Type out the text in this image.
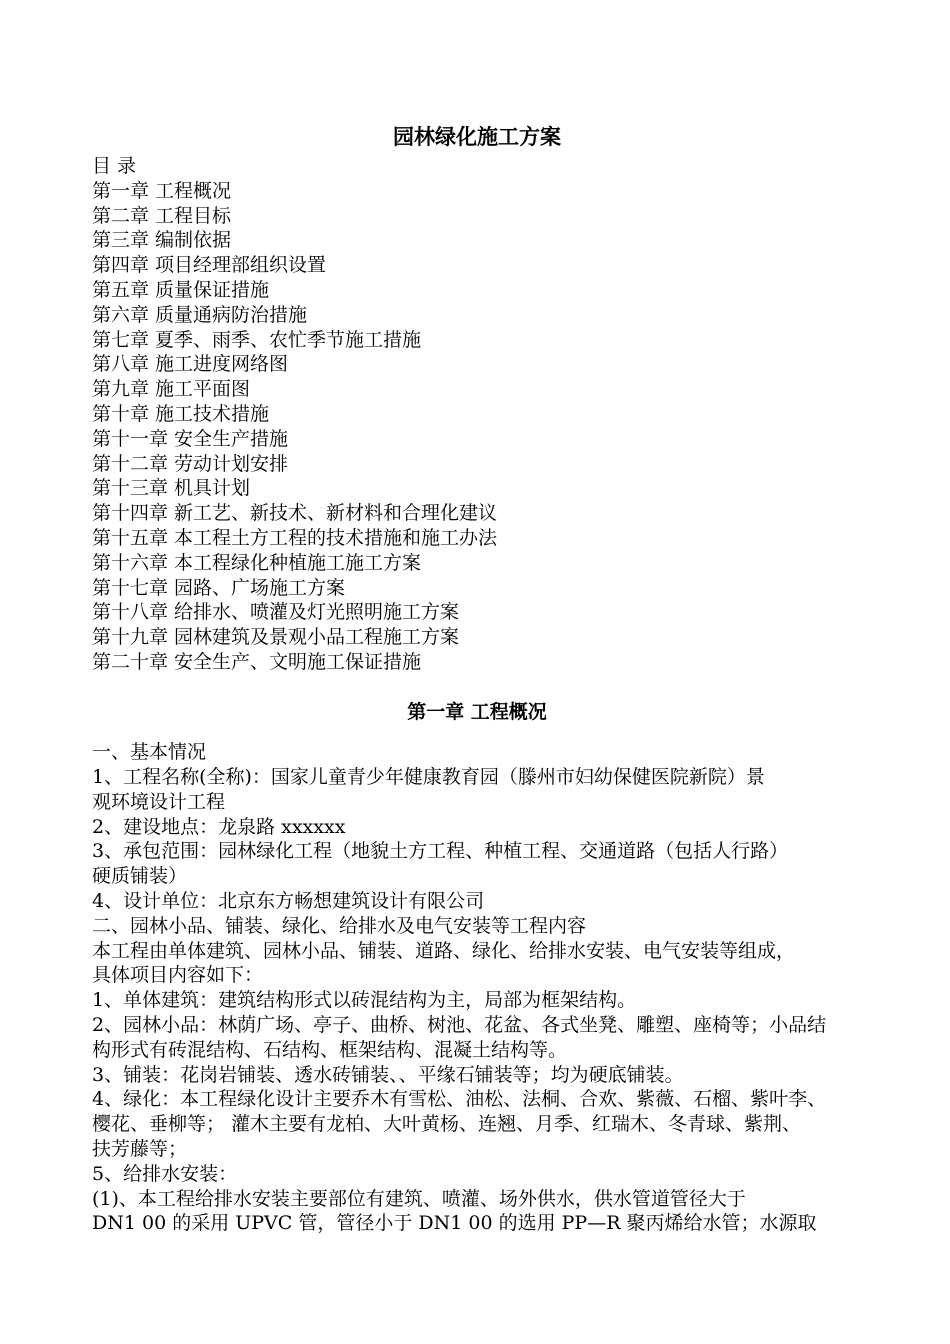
园林绿化施工方案
目 录
第一章 工程概况
第二章 工程目标
第三章 编制依据
第四章 项目经理部组织设置
第五章 质量保证措施
第六章 质量通病防治措施
第七章 夏季、雨季、农忙季节施工措施
第八章 施工进度网络图
第九章 施工平面图
第十章 施工技术措施
第十一章 安全生产措施
第十二章 劳动计划安排
第十三章 机具计划
第十四章 新工艺、新技术、新材料和合理化建议
第十五章 本工程土方工程的技术措施和施工办法
第十六章 本工程绿化种植施工施工方案
第十七章 园路、广场施工方案
第十八章 给排水、喷灌及灯光照明施工方案
第十九章 园林建筑及景观小品工程施工方案
第二十章 安全生产、文明施工保证措施
第一章 工程概况

一、基本情况

1、工程名称(全称)：国家儿童青少年健康教育园（滕州市妇幼保健医院新院）景

观环境设计工程

2、建设地点：龙泉路 xxxxxx

3、承包范围：园林绿化工程（地貌土方工程、种植工程、交通道路（包括人行路）

硬质铺装）

4、设计单位：北京东方畅想建筑设计有限公司

二、园林小品、铺装、绿化、给排水及电气安装等工程内容

本工程由单体建筑、园林小品、铺装、道路、绿化、给排水安装、电气安装等组成，

具体项目内容如下：

1、单体建筑：建筑结构形式以砖混结构为主，局部为框架结构。

2、园林小品：林荫广场、亭子、曲桥、树池、花盆、各式坐凳、雕塑、座椅等；小品结

构形式有砖混结构、石结构、框架结构、混凝土结构等。

3、铺装：花岗岩铺装、透水砖铺装、、平缘石铺装等；均为硬底铺装。

4、绿化：本工程绿化设计主要乔木有雪松、油松、法桐、合欢、紫薇、石榴、紫叶李、

樱花、垂柳等； 灌木主要有龙柏、大叶黄杨、连翘、月季、红瑞木、冬青球、紫荆、

扶芳藤等；

5、给排水安装：

(1)、本工程给排水安装主要部位有建筑、喷灌、场外供水，供水管道管径大于

DN1 00 的采用 UPVC 管，管径小于 DN1 00 的选用 PP—R 聚丙烯给水管；水源取
